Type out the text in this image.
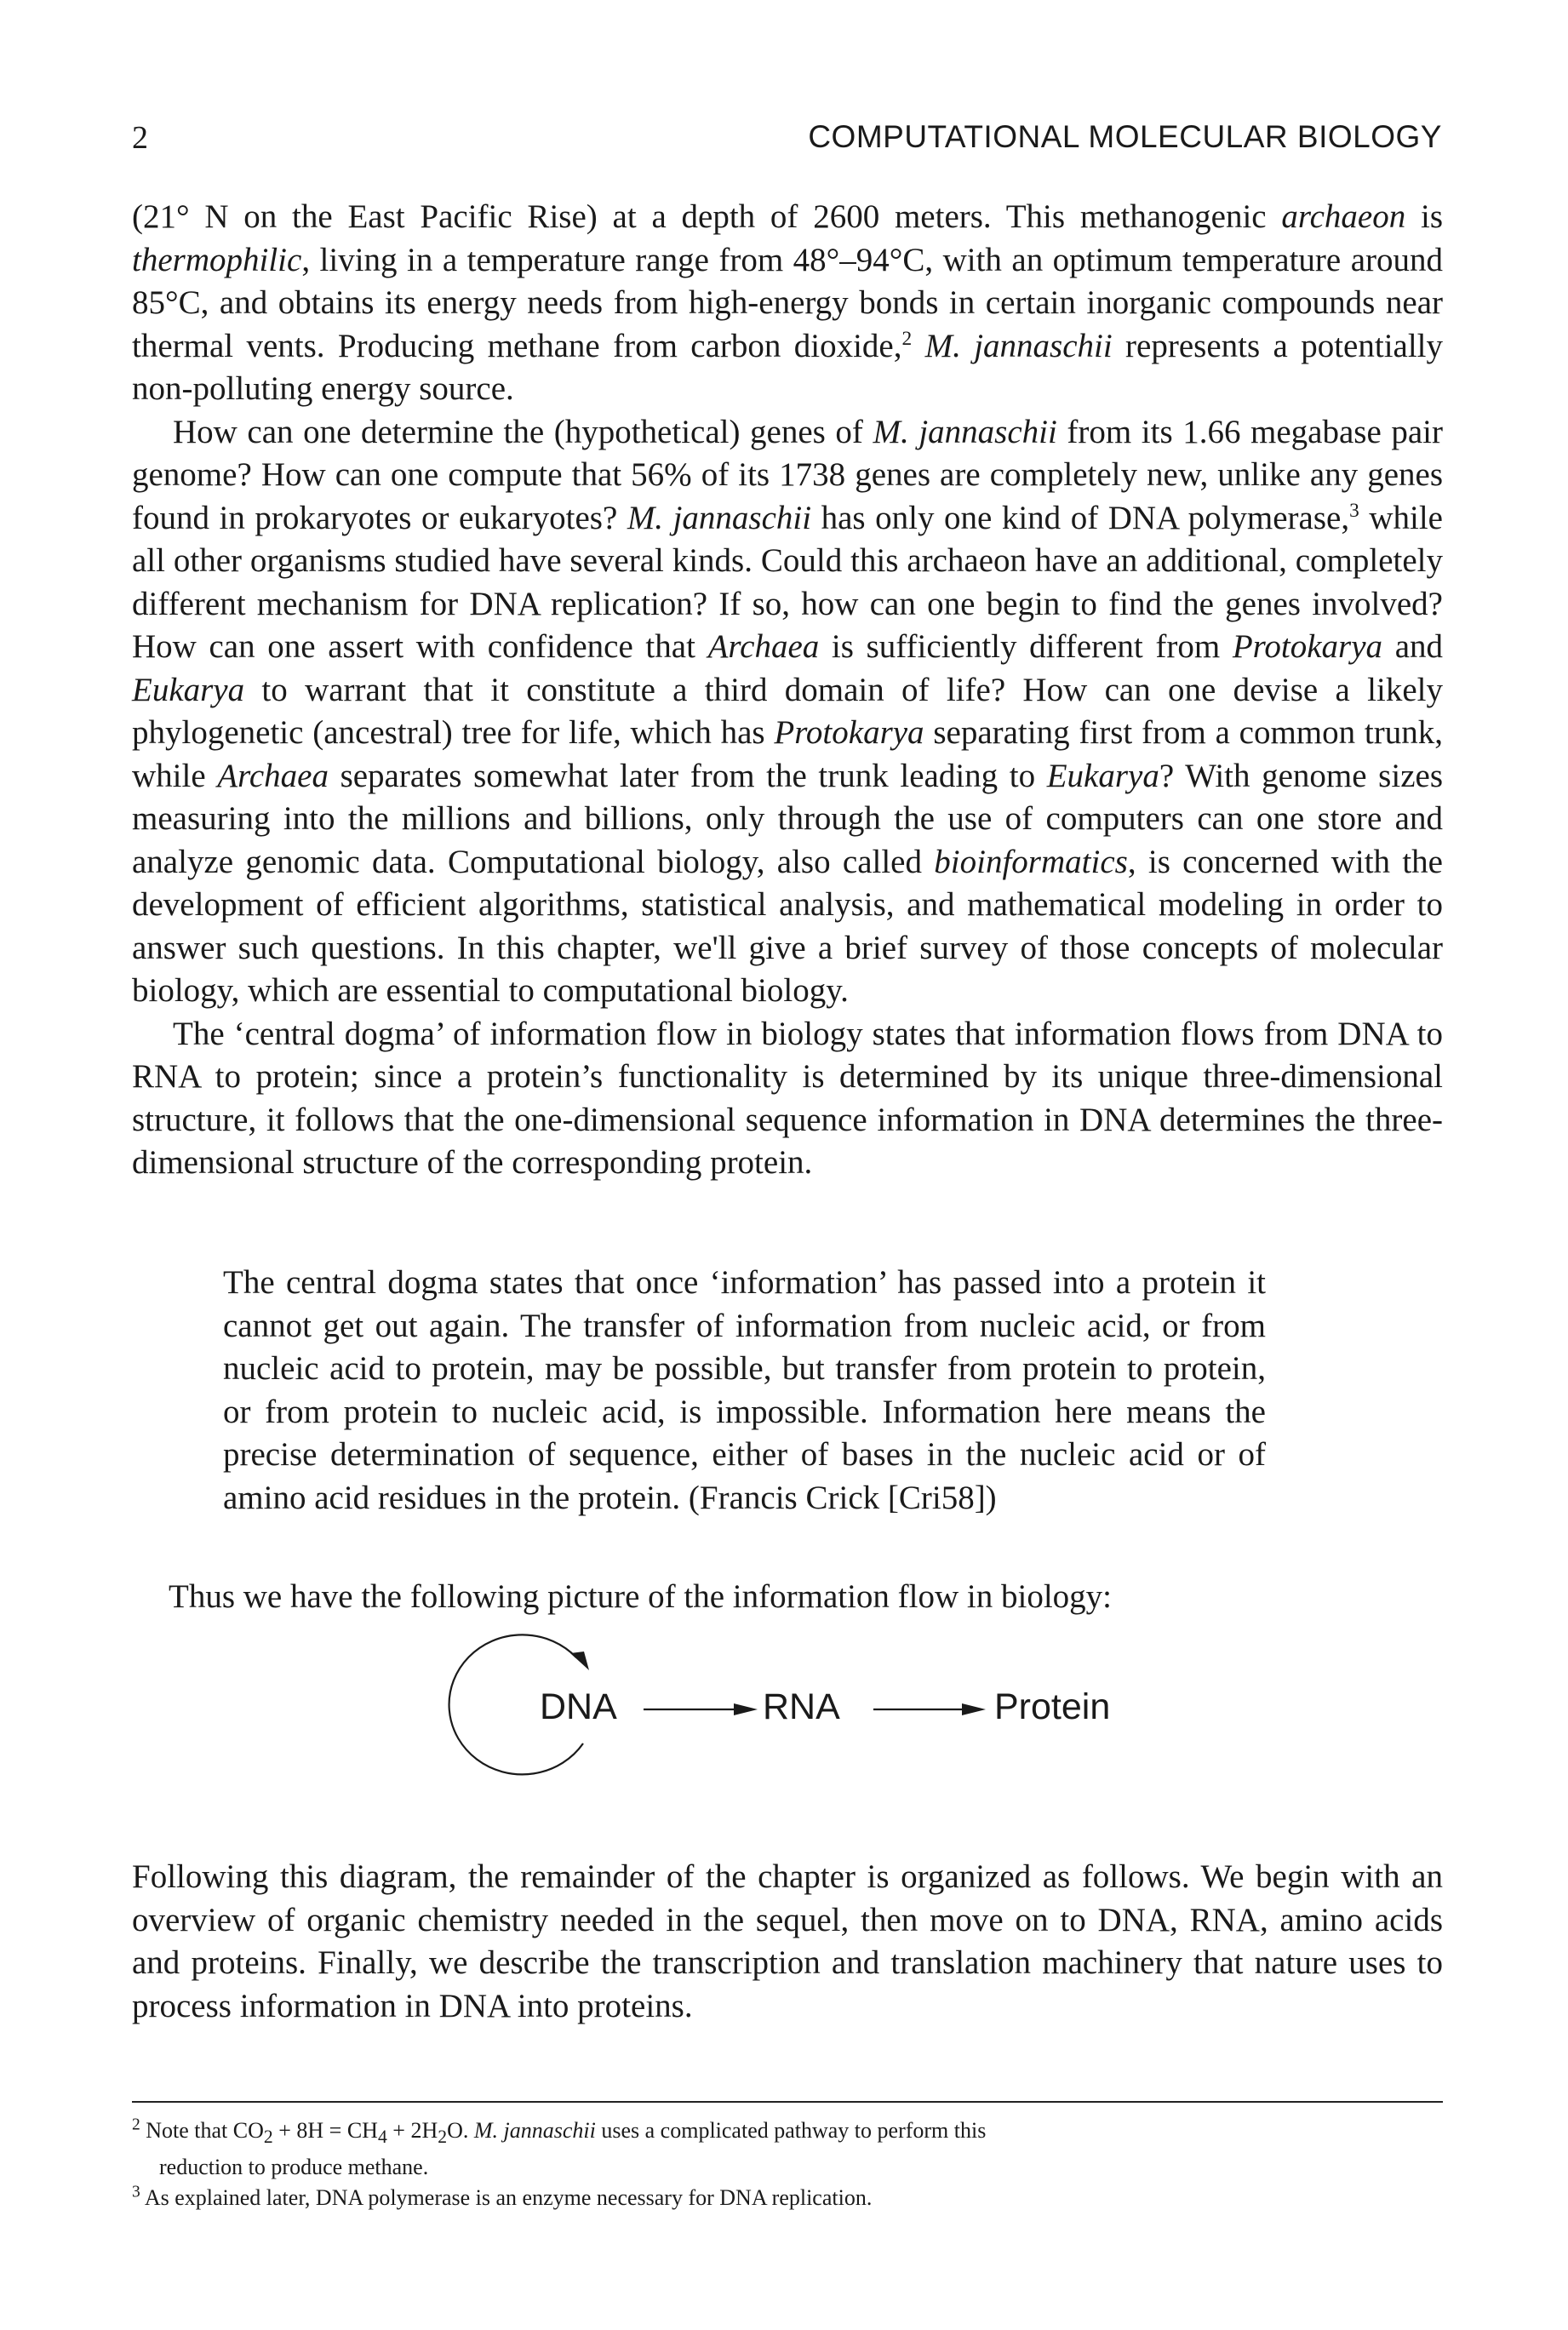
2	COMPUTATIONAL MOLECULAR BIOLOGY

(21° N on the East Pacific Rise) at a depth of 2600 meters. This methanogenic archaeon is thermophilic, living in a temperature range from 48°–94°C, with an optimum temperature around 85°C, and obtains its energy needs from high-energy bonds in certain inorganic compounds near thermal vents. Producing methane from carbon dioxide,$^2$ M. jannaschii represents a potentially non-polluting energy source.

How can one determine the (hypothetical) genes of M. jannaschii from its 1.66 megabase pair genome? How can one compute that 56% of its 1738 genes are completely new, unlike any genes found in prokaryotes or eukaryotes? M. jannaschii has only one kind of DNA polymerase,$^3$ while all other organisms studied have several kinds. Could this archaeon have an additional, completely different mechanism for DNA replication? If so, how can one begin to find the genes involved? How can one assert with confidence that Archaea is sufficiently different from Protokarya and Eukarya to warrant that it constitute a third domain of life? How can one devise a likely phylogenetic (ancestral) tree for life, which has Protokarya separating first from a common trunk, while Archaea separates somewhat later from the trunk leading to Eukarya? With genome sizes measuring into the millions and billions, only through the use of computers can one store and analyze genomic data. Computational biology, also called bioinformatics, is concerned with the development of efficient algorithms, statistical analysis, and mathematical modeling in order to answer such questions. In this chapter, we'll give a brief survey of those concepts of molecular biology, which are essential to computational biology.

The ‘central dogma’ of information flow in biology states that information flows from DNA to RNA to protein; since a protein’s functionality is determined by its unique three-dimensional structure, it follows that the one-dimensional sequence information in DNA determines the three-dimensional structure of the corresponding protein.

The central dogma states that once ‘information’ has passed into a protein it cannot get out again. The transfer of information from nucleic acid, or from nucleic acid to protein, may be possible, but transfer from protein to protein, or from protein to nucleic acid, is impossible. Information here means the precise determination of sequence, either of bases in the nucleic acid or of amino acid residues in the protein. (Francis Crick [Cri58])

Thus we have the following picture of the information flow in biology:
DNA	RNA	Protein

Following this diagram, the remainder of the chapter is organized as follows. We begin with an overview of organic chemistry needed in the sequel, then move on to DNA, RNA, amino acids and proteins. Finally, we describe the transcription and translation machinery that nature uses to process information in DNA into proteins.

$^2$ Note that $CO_2 + 8H = CH_4 + 2H_2O$. M. jannaschii uses a complicated pathway to perform this

reduction to produce methane.

$^3$ As explained later, DNA polymerase is an enzyme necessary for DNA replication.
